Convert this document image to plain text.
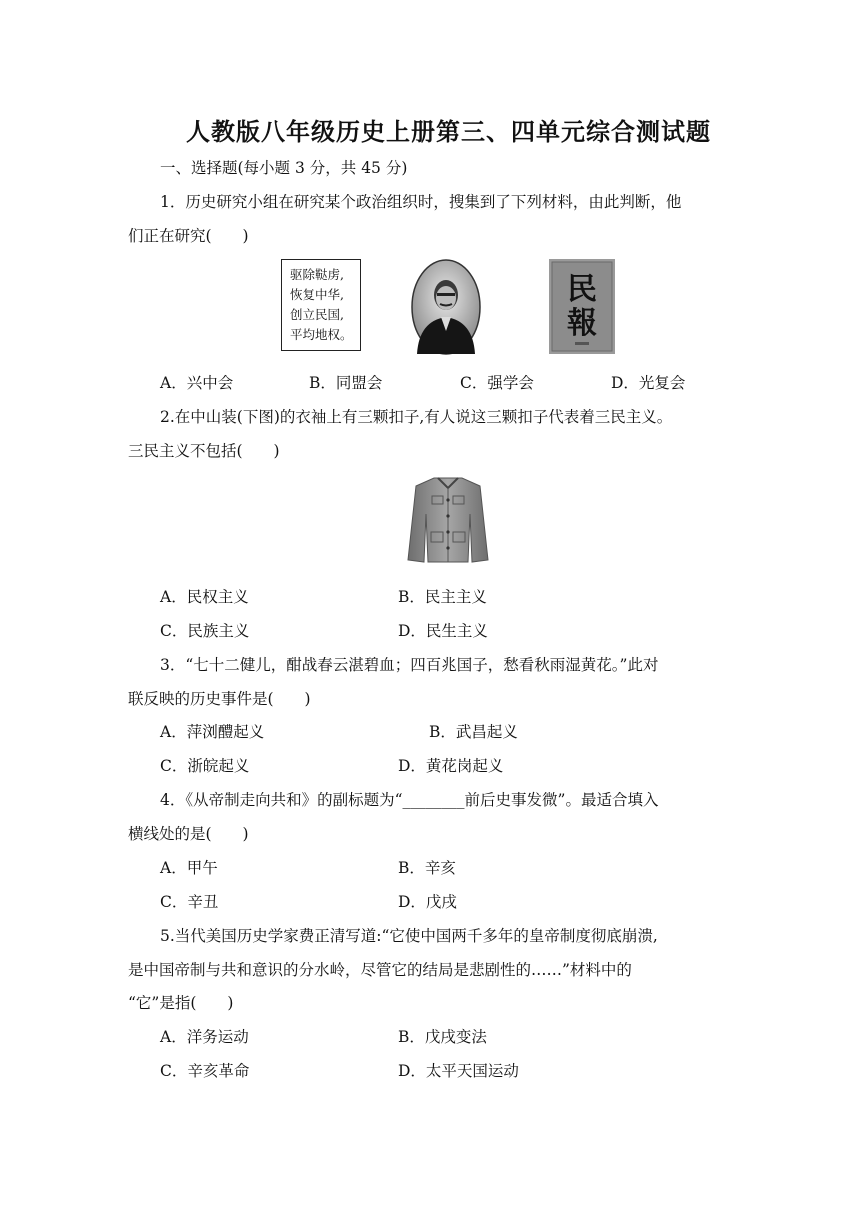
人教版八年级历史上册第三、四单元综合测试题
一、选择题(每小题 3 分，共 45 分)
1．历史研究小组在研究某个政治组织时，搜集到了下列材料，由此判断，他
们正在研究(　　)
驱除鞑虏,
恢复中华,
创立民国,
平均地权。
民
報
A．兴中会	B．同盟会	C．强学会	D．光复会
2.在中山装(下图)的衣袖上有三颗扣子,有人说这三颗扣子代表着三民主义。
三民主义不包括(　　)
A．民权主义	B．民主主义
C．民族主义	D．民生主义
3．“七十二健儿，酣战春云湛碧血；四百兆国子，愁看秋雨湿黄花。”此对
联反映的历史事件是(　　)
A．萍浏醴起义	B．武昌起义
C．浙皖起义	D．黄花岗起义
4．《从帝制走向共和》的副标题为“________前后史事发微”。最适合填入
横线处的是(　　)
A．甲午	B．辛亥
C．辛丑	D．戊戌
5.当代美国历史学家费正清写道:“它使中国两千多年的皇帝制度彻底崩溃,
是中国帝制与共和意识的分水岭，尽管它的结局是悲剧性的……”材料中的
“它”是指(　　)
A．洋务运动	B．戊戌变法
C．辛亥革命	D．太平天国运动
